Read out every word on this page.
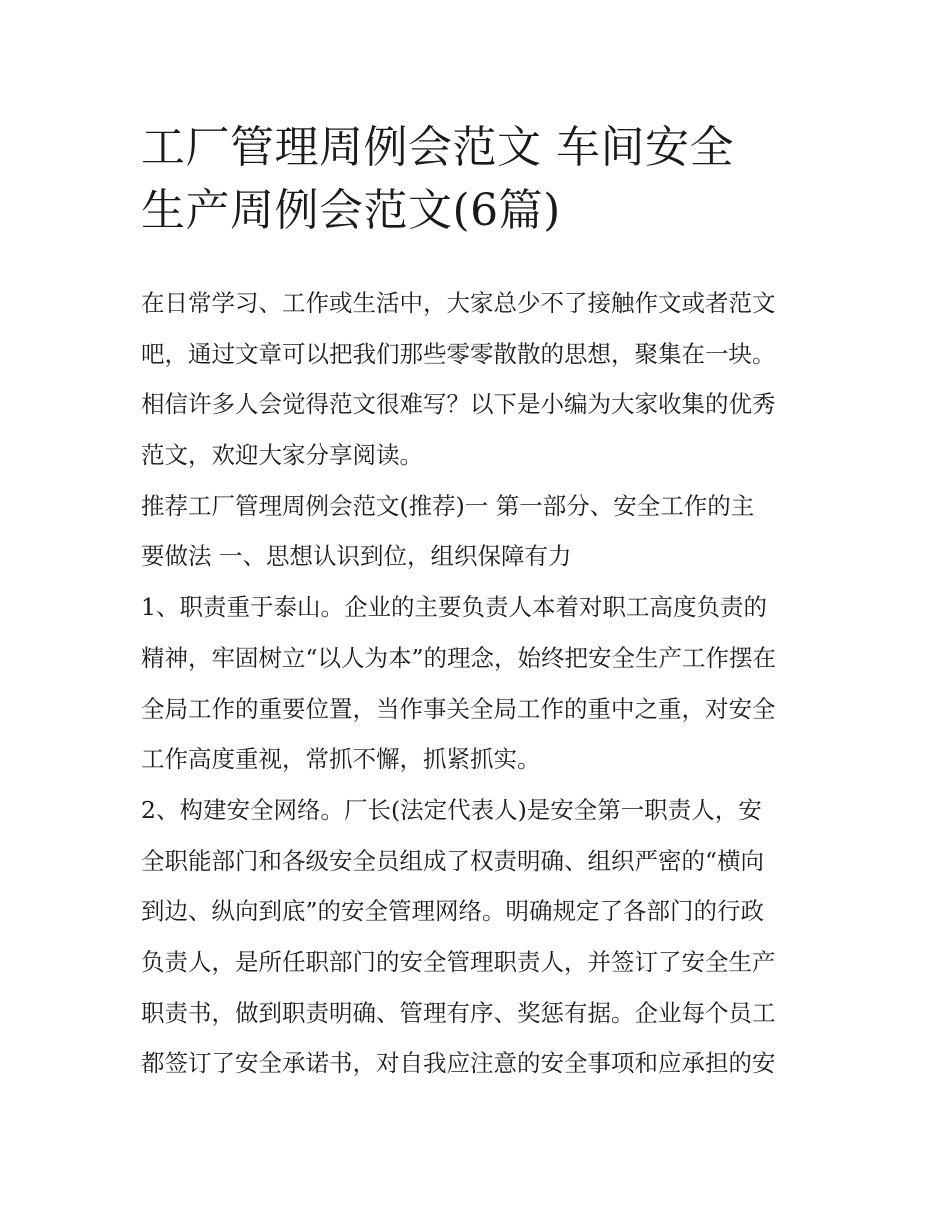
工厂管理周例会范文 车间安全
生产周例会范文(6篇)
在日常学习、工作或生活中，大家总少不了接触作文或者范文
吧，通过文章可以把我们那些零零散散的思想，聚集在一块。
相信许多人会觉得范文很难写？以下是小编为大家收集的优秀
范文，欢迎大家分享阅读。
推荐工厂管理周例会范文(推荐)一 第一部分、安全工作的主
要做法 一、思想认识到位，组织保障有力
1、职责重于泰山。企业的主要负责人本着对职工高度负责的
精神，牢固树立“以人为本”的理念，始终把安全生产工作摆在
全局工作的重要位置，当作事关全局工作的重中之重，对安全
工作高度重视，常抓不懈，抓紧抓实。
2、构建安全网络。厂长(法定代表人)是安全第一职责人，安
全职能部门和各级安全员组成了权责明确、组织严密的“横向
到边、纵向到底”的安全管理网络。明确规定了各部门的行政
负责人，是所任职部门的安全管理职责人，并签订了安全生产
职责书，做到职责明确、管理有序、奖惩有据。企业每个员工
都签订了安全承诺书，对自我应注意的安全事项和应承担的安
